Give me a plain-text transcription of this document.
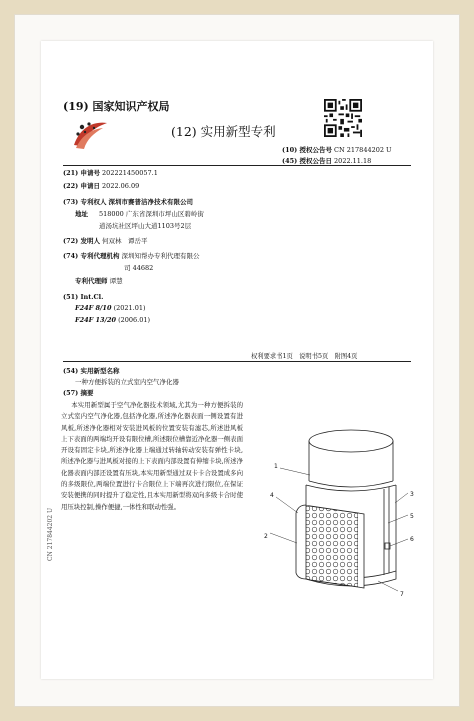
(19) 国家知识产权局
(12) 实用新型专利
(10) 授权公告号 CN 217844202 U
(45) 授权公告日 2022.11.18
(21) 申请号 202221450057.1
(22) 申请日 2022.06.09
(73) 专利权人 深圳市赛普洁净技术有限公司
地址 518000 广东省深圳市坪山区碧岭街
道汤坑社区坪山大道1103号2层
(72) 发明人 何双林　谭岳平
(74) 专利代理机构 深圳知帮办专利代理有限公
司 44682
专利代理师 谭慧
(51) Int.Cl.
F24F 8/10 (2021.01)
F24F 13/20 (2006.01)
权利要求书1页　说明书5页　附图4页
(54) 实用新型名称
一种方便拆装的立式室内空气净化器
(57) 摘要
本实用新型属于空气净化器技术领域,尤其为一种方便拆装的立式室内空气净化器,包括净化器,所述净化器表面一侧设置有进风板,所述净化器相对安装进风板的位置安装有滤芯,所述进风板上下表面的两端均开设有限位槽,所述限位槽靠近净化器一侧表面开设有固定卡块,所述净化器上端通过转轴转动安装有弹性卡块,所述净化器与进风板对接的上下表面内部设置有伸缩卡块,所述净化器表面内部还设置有压块,本实用新型通过双卡卡合设置成多向的多级限位,两端位置进行卡合限位上下端再次进行限位,在保证安装便携的同时提升了稳定性,且本实用新型将双向多级卡合时使用压块控制,操作便捷,一体性和联动性强。
CN 217844202 U
1
2
3
4
5
6
7
